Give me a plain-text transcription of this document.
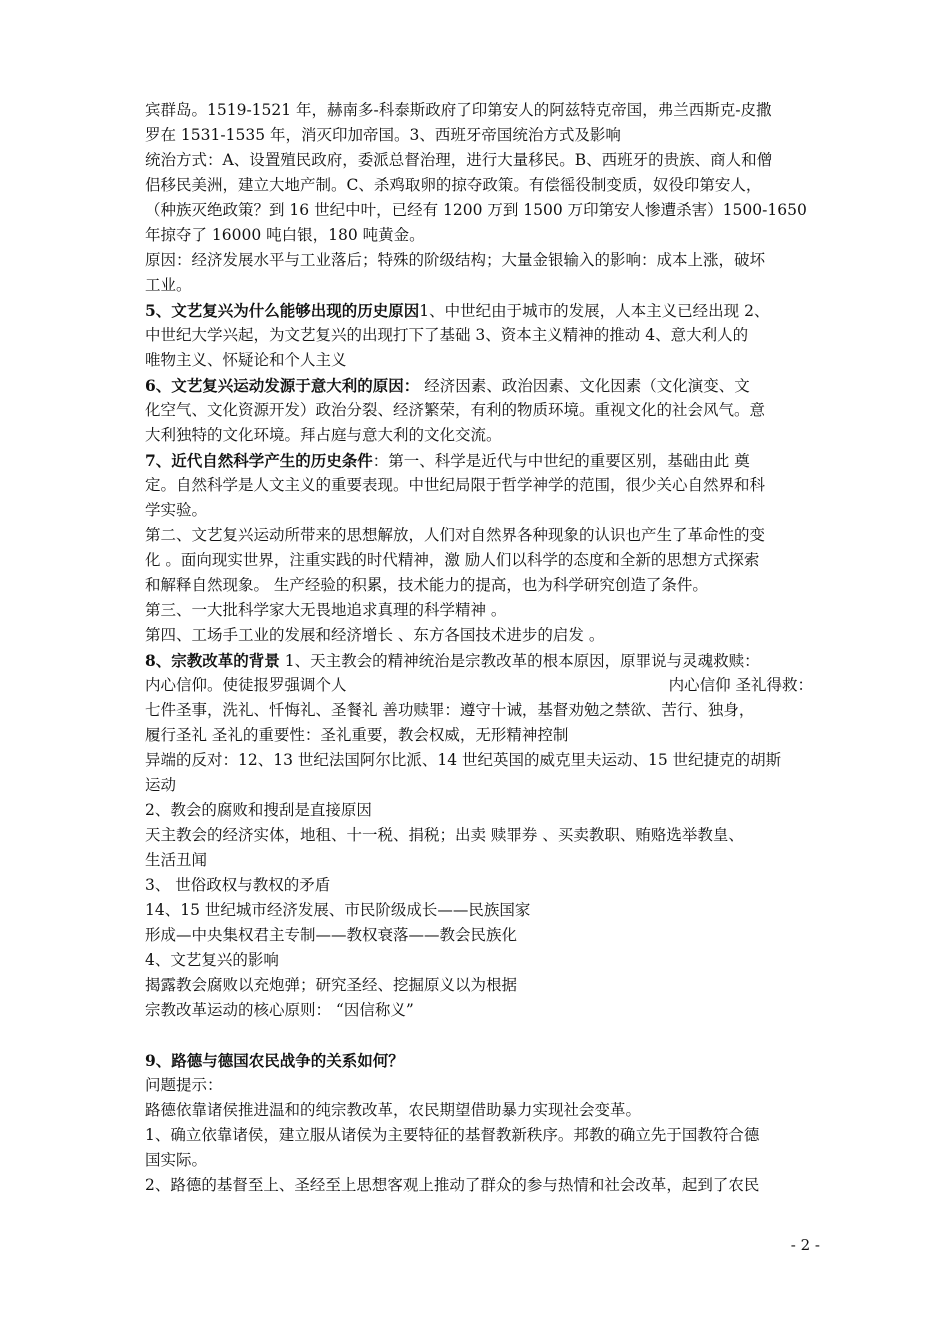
宾群岛。1519-1521 年，赫南多-科泰斯政府了印第安人的阿兹特克帝国，弗兰西斯克-皮撒
罗在 1531-1535 年，消灭印加帝国。3、西班牙帝国统治方式及影响
统治方式：A、设置殖民政府，委派总督治理，进行大量移民。B、西班牙的贵族、商人和僧
侣移民美洲，建立大地产制。C、杀鸡取卵的掠夺政策。有偿徭役制变质，奴役印第安人，
（种族灭绝政策？到 16 世纪中叶，已经有 1200 万到 1500 万印第安人惨遭杀害）1500-1650
年掠夺了 16000 吨白银，180 吨黄金。
原因：经济发展水平与工业落后；特殊的阶级结构；大量金银输入的影响：成本上涨，破坏
工业。
5、文艺复兴为什么能够出现的历史原因1、中世纪由于城市的发展，人本主义已经出现 2、
中世纪大学兴起，为文艺复兴的出现打下了基础 3、资本主义精神的推动 4、意大利人的
唯物主义、怀疑论和个人主义
6、文艺复兴运动发源于意大利的原因： 经济因素、政治因素、文化因素（文化演变、文
化空气、文化资源开发）政治分裂、经济繁荣，有利的物质环境。重视文化的社会风气。意
大利独特的文化环境。拜占庭与意大利的文化交流。
7、近代自然科学产生的历史条件：第一、科学是近代与中世纪的重要区别，基础由此 奠
定。自然科学是人文主义的重要表现。中世纪局限于哲学神学的范围，很少关心自然界和科
学实验。
第二、文艺复兴运动所带来的思想解放，人们对自然界各种现象的认识也产生了革命性的变
化 。面向现实世界，注重实践的时代精神，激 励人们以科学的态度和全新的思想方式探索
和解释自然现象。 生产经验的积累，技术能力的提高，也为科学研究创造了条件。
第三、一大批科学家大无畏地追求真理的科学精神 。
第四、工场手工业的发展和经济增长 、东方各国技术进步的启发 。
8、宗教改革的背景 1、天主教会的精神统治是宗教改革的根本原因，原罪说与灵魂救赎：
内心信仰。使徒报罗强调个人	内心信仰 圣礼得救：
七件圣事，洗礼、忏悔礼、圣餐礼 善功赎罪：遵守十诫，基督劝勉之禁欲、苦行、独身，
履行圣礼 圣礼的重要性：圣礼重要，教会权威，无形精神控制
异端的反对：12、13 世纪法国阿尔比派、14 世纪英国的威克里夫运动、15 世纪捷克的胡斯
运动
2、教会的腐败和搜刮是直接原因
天主教会的经济实体，地租、十一税、捐税；出卖 赎罪券 、买卖教职、贿赂选举教皇、
生活丑闻
3、 世俗政权与教权的矛盾
14、15 世纪城市经济发展、市民阶级成长——民族国家
形成—中央集权君主专制——教权衰落——教会民族化
4、文艺复兴的影响
揭露教会腐败以充炮弹；研究圣经、挖掘原义以为根据
宗教改革运动的核心原则： “因信称义”
9、路德与德国农民战争的关系如何？
问题提示：
路德依靠诸侯推进温和的纯宗教改革，农民期望借助暴力实现社会变革。
1、确立依靠诸侯，建立服从诸侯为主要特征的基督教新秩序。邦教的确立先于国教符合德
国实际。
2、路德的基督至上、圣经至上思想客观上推动了群众的参与热情和社会改革，起到了农民
- 2 -
